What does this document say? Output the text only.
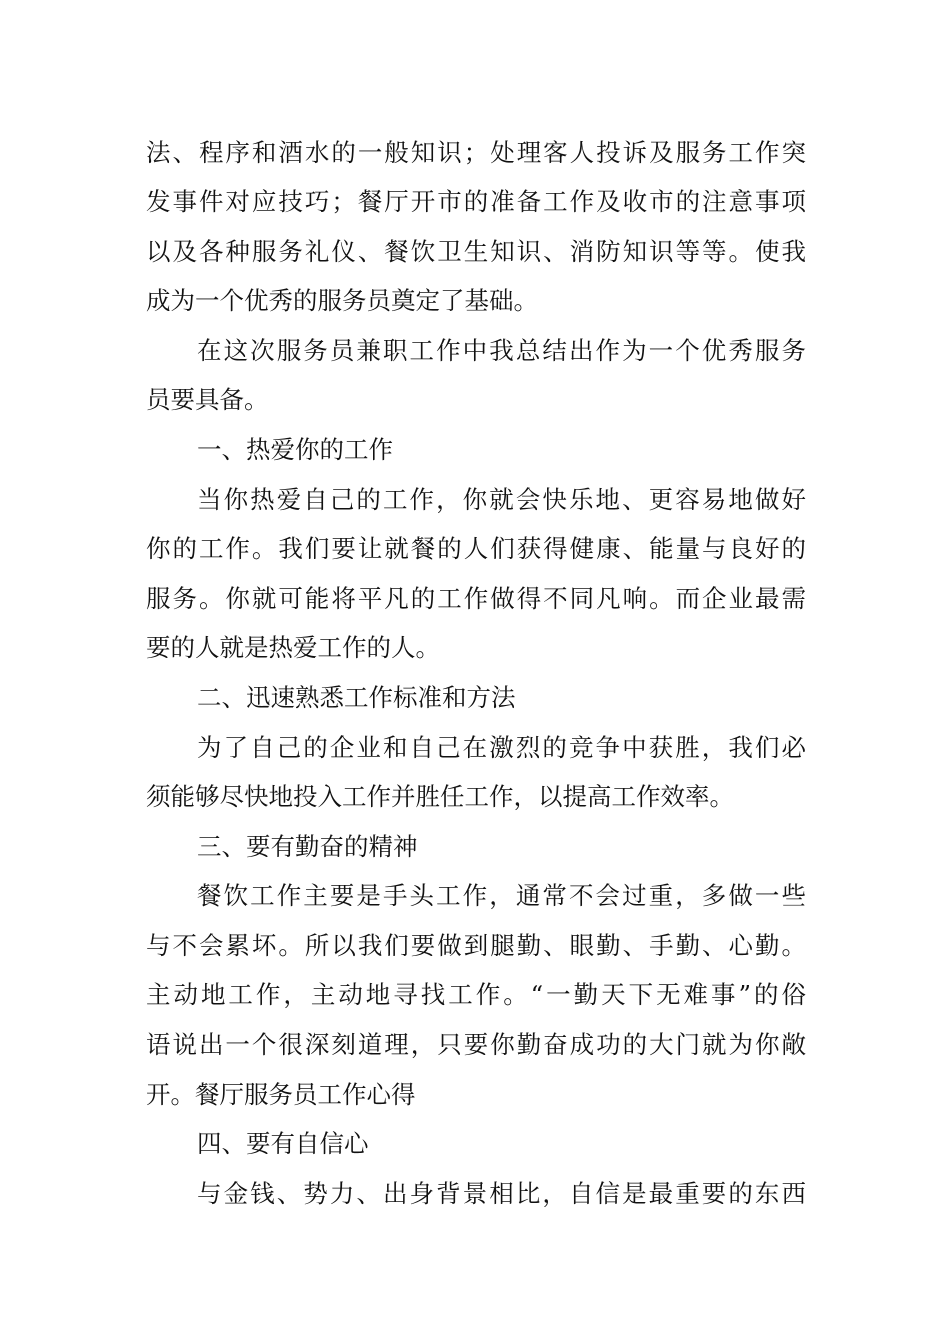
法、程序和酒水的一般知识；处理客人投诉及服务工作突
发事件对应技巧；餐厅开市的准备工作及收市的注意事项
以及各种服务礼仪、餐饮卫生知识、消防知识等等。使我
成为一个优秀的服务员奠定了基础。
在这次服务员兼职工作中我总结出作为一个优秀服务
员要具备。
一、热爱你的工作
当你热爱自己的工作，你就会快乐地、更容易地做好
你的工作。我们要让就餐的人们获得健康、能量与良好的
服务。你就可能将平凡的工作做得不同凡响。而企业最需
要的人就是热爱工作的人。
二、迅速熟悉工作标准和方法
为了自己的企业和自己在激烈的竞争中获胜，我们必
须能够尽快地投入工作并胜任工作，以提高工作效率。
三、要有勤奋的精神
餐饮工作主要是手头工作，通常不会过重，多做一些
与不会累坏。所以我们要做到腿勤、眼勤、手勤、心勤。
主动地工作，主动地寻找工作。“一勤天下无难事”的俗
语说出一个很深刻道理，只要你勤奋成功的大门就为你敞
开。餐厅服务员工作心得
四、要有自信心
与金钱、势力、出身背景相比，自信是最重要的东西
